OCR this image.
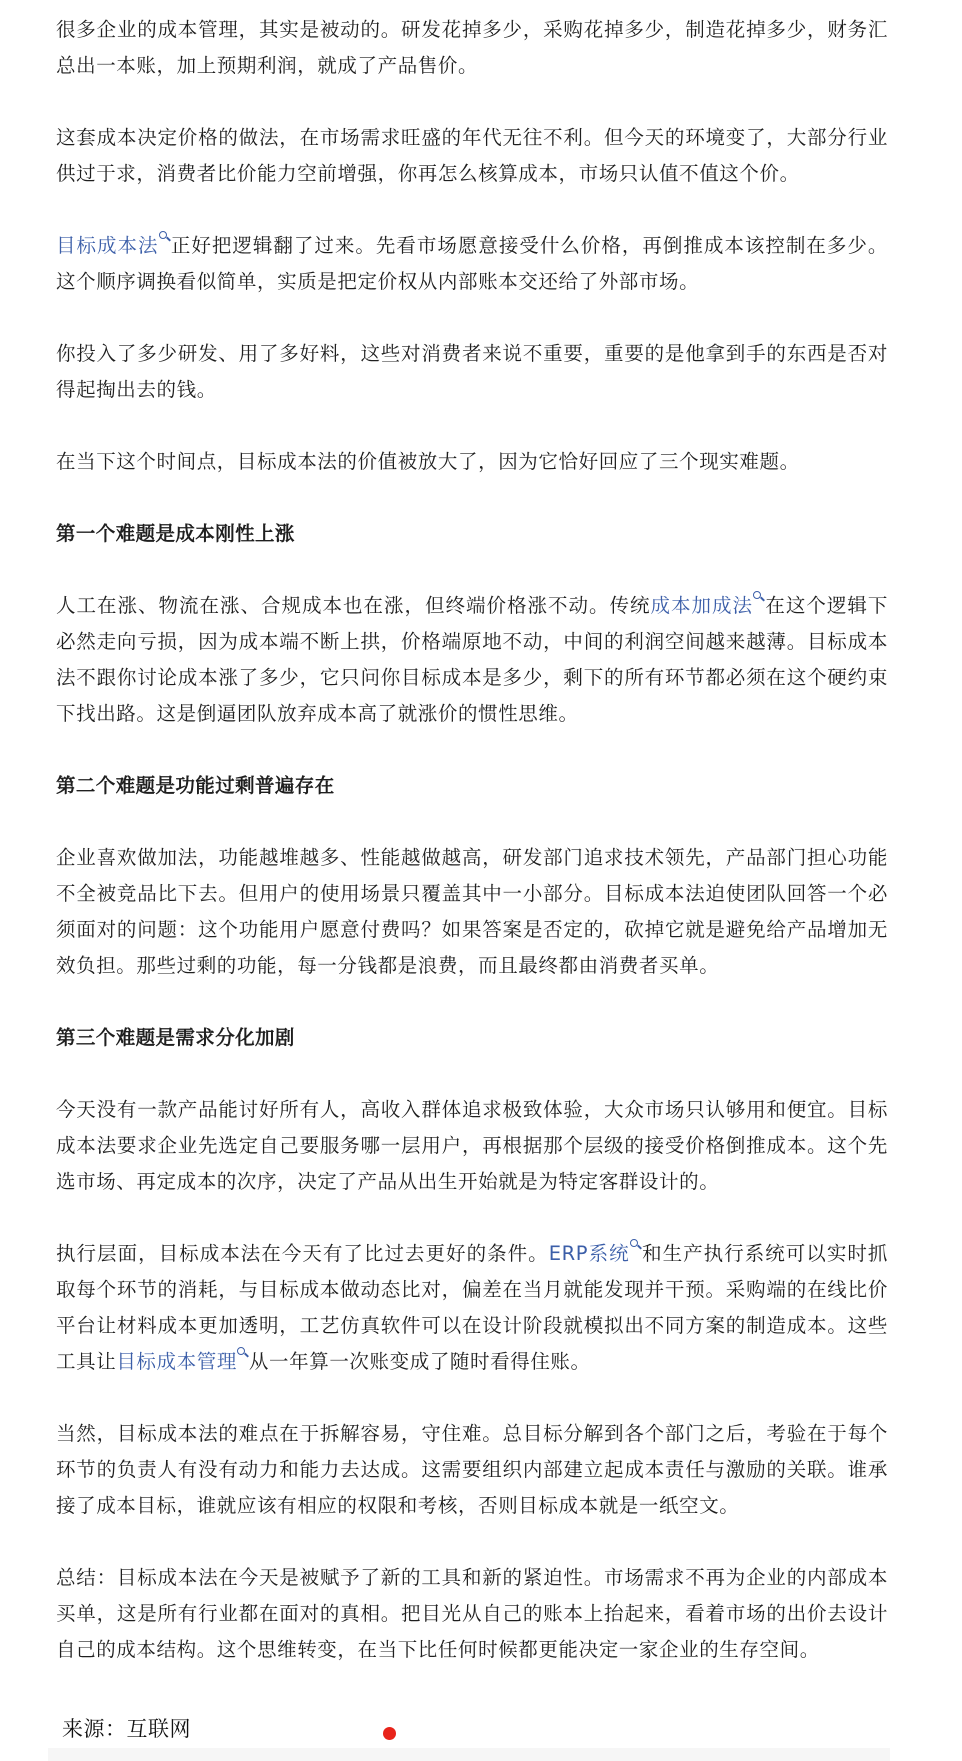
很多企业的成本管理，其实是被动的。研发花掉多少，采购花掉多少，制造花掉多少，财务汇总出一本账，加上预期利润，就成了产品售价。

这套成本决定价格的做法，在市场需求旺盛的年代无往不利。但今天的环境变了，大部分行业供过于求，消费者比价能力空前增强，你再怎么核算成本，市场只认值不值这个价。

目标成本法 正好把逻辑翻了过来。先看市场愿意接受什么价格，再倒推成本该控制在多少。这个顺序调换看似简单，实质是把定价权从内部账本交还给了外部市场。

你投入了多少研发、用了多好料，这些对消费者来说不重要，重要的是他拿到手的东西是否对得起掏出去的钱。

在当下这个时间点，目标成本法的价值被放大了，因为它恰好回应了三个现实难题。

第一个难题是成本刚性上涨

人工在涨、物流在涨、合规成本也在涨，但终端价格涨不动。传统成本加成法 在这个逻辑下必然走向亏损，因为成本端不断上拱，价格端原地不动，中间的利润空间越来越薄。目标成本法不跟你讨论成本涨了多少，它只问你目标成本是多少，剩下的所有环节都必须在这个硬约束下找出路。这是倒逼团队放弃成本高了就涨价的惯性思维。

第二个难题是功能过剩普遍存在

企业喜欢做加法，功能越堆越多、性能越做越高，研发部门追求技术领先，产品部门担心功能不全被竞品比下去。但用户的使用场景只覆盖其中一小部分。目标成本法迫使团队回答一个必须面对的问题：这个功能用户愿意付费吗？如果答案是否定的，砍掉它就是避免给产品增加无效负担。那些过剩的功能，每一分钱都是浪费，而且最终都由消费者买单。

第三个难题是需求分化加剧

今天没有一款产品能讨好所有人，高收入群体追求极致体验，大众市场只认够用和便宜。目标成本法要求企业先选定自己要服务哪一层用户，再根据那个层级的接受价格倒推成本。这个先选市场、再定成本的次序，决定了产品从出生开始就是为特定客群设计的。

执行层面，目标成本法在今天有了比过去更好的条件。ERP系统 和生产执行系统可以实时抓取每个环节的消耗，与目标成本做动态比对，偏差在当月就能发现并干预。采购端的在线比价平台让材料成本更加透明，工艺仿真软件可以在设计阶段就模拟出不同方案的制造成本。这些工具让目标成本管理 从一年算一次账变成了随时看得住账。

当然，目标成本法的难点在于拆解容易，守住难。总目标分解到各个部门之后，考验在于每个环节的负责人有没有动力和能力去达成。这需要组织内部建立起成本责任与激励的关联。谁承接了成本目标，谁就应该有相应的权限和考核，否则目标成本就是一纸空文。

总结：目标成本法在今天是被赋予了新的工具和新的紧迫性。市场需求不再为企业的内部成本买单，这是所有行业都在面对的真相。把目光从自己的账本上抬起来，看着市场的出价去设计自己的成本结构。这个思维转变，在当下比任何时候都更能决定一家企业的生存空间。

来源：互联网
